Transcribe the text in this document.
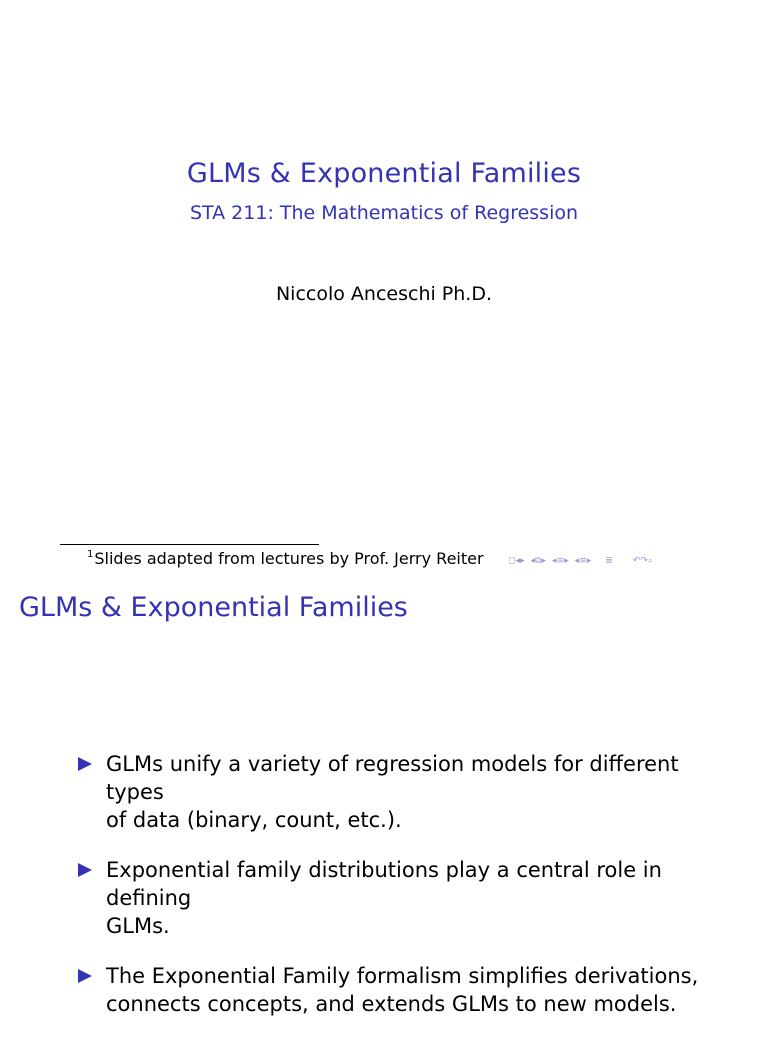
GLMs & Exponential Families
STA 211: The Mathematics of Regression
Niccolo Anceschi Ph.D.
$^1$Slides adapted from lectures by Prof. Jerry Reiter	◻ ◂ ▸ ◂ ⧉ ▸ ◂ ≡ ▸ ◂ ≡ ▸ ≣ ↶↷⌕
GLMs & Exponential Families
GLMs unify a variety of regression models for different types
of data (binary, count, etc.).
Exponential family distributions play a central role in defining
GLMs.
The Exponential Family formalism simplifies derivations,
connects concepts, and extends GLMs to new models.
